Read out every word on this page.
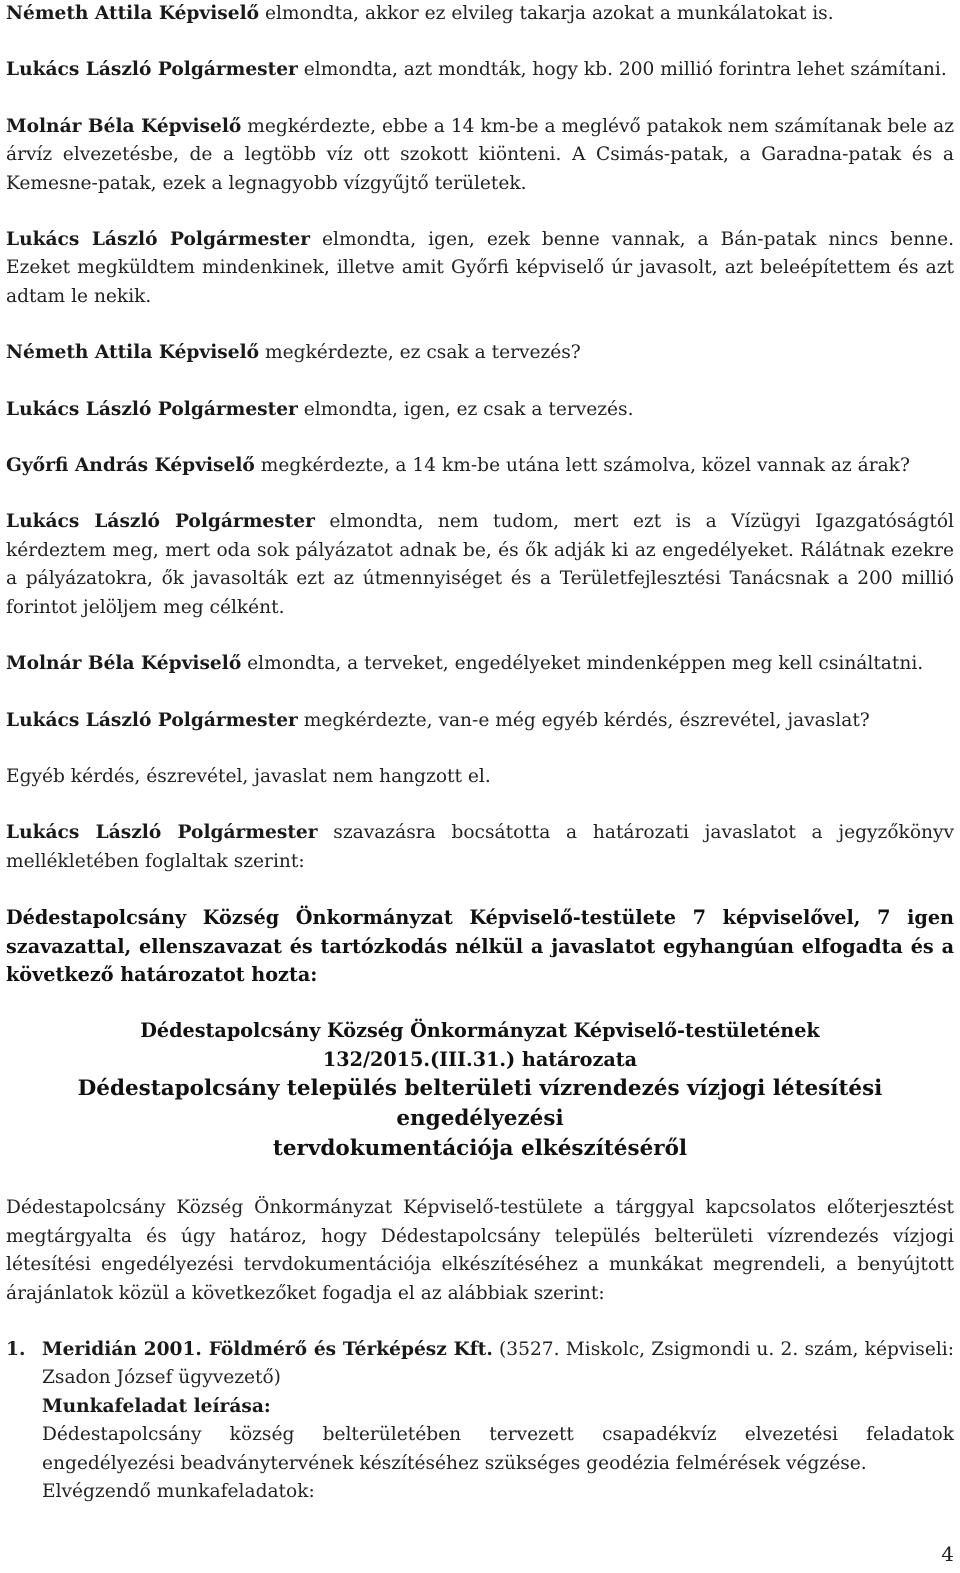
Németh Attila Képviselő elmondta, akkor ez elvileg takarja azokat a munkálatokat is.

Lukács László Polgármester elmondta, azt mondták, hogy kb. 200 millió forintra lehet számítani.

Molnár Béla Képviselő megkérdezte, ebbe a 14 km-be a meglévő patakok nem számítanak bele az árvíz elvezetésbe, de a legtöbb víz ott szokott kiönteni. A Csimás-patak, a Garadna-patak és a Kemesne-patak, ezek a legnagyobb vízgyűjtő területek.

Lukács László Polgármester elmondta, igen, ezek benne vannak, a Bán-patak nincs benne. Ezeket megküldtem mindenkinek, illetve amit Győrfi képviselő úr javasolt, azt beleépítettem és azt adtam le nekik.

Németh Attila Képviselő megkérdezte, ez csak a tervezés?

Lukács László Polgármester elmondta, igen, ez csak a tervezés.

Győrfi András Képviselő megkérdezte, a 14 km-be utána lett számolva, közel vannak az árak?

Lukács László Polgármester elmondta, nem tudom, mert ezt is a Vízügyi Igazgatóságtól kérdeztem meg, mert oda sok pályázatot adnak be, és ők adják ki az engedélyeket. Rálátnak ezekre a pályázatokra, ők javasolták ezt az útmennyiséget és a Területfejlesztési Tanácsnak a 200 millió forintot jelöljem meg célként.

Molnár Béla Képviselő elmondta, a terveket, engedélyeket mindenképpen meg kell csináltatni.

Lukács László Polgármester megkérdezte, van-e még egyéb kérdés, észrevétel, javaslat?

Egyéb kérdés, észrevétel, javaslat nem hangzott el.

Lukács László Polgármester szavazásra bocsátotta a határozati javaslatot a jegyzőkönyv mellékletében foglaltak szerint:

Dédestapolcsány Község Önkormányzat Képviselő-testülete 7 képviselővel, 7 igen szavazattal, ellenszavazat és tartózkodás nélkül a javaslatot egyhangúan elfogadta és a következő határozatot hozta:

Dédestapolcsány Község Önkormányzat Képviselő-testületének
132/2015.(III.31.) határozata
Dédestapolcsány település belterületi vízrendezés vízjogi létesítési engedélyezési
tervdokumentációja elkészítéséről

Dédestapolcsány Község Önkormányzat Képviselő-testülete a tárggyal kapcsolatos előterjesztést megtárgyalta és úgy határoz, hogy Dédestapolcsány település belterületi vízrendezés vízjogi létesítési engedélyezési tervdokumentációja elkészítéséhez a munkákat megrendeli, a benyújtott árajánlatok közül a következőket fogadja el az alábbiak szerint:

1. Meridián 2001. Földmérő és Térképész Kft. (3527. Miskolc, Zsigmondi u. 2. szám, képviseli: Zsadon József ügyvezető)

Munkafeladat leírása:

Dédestapolcsány község belterületében tervezett csapadékvíz elvezetési feladatok engedélyezési beadványtervének készítéséhez szükséges geodézia felmérések végzése.

Elvégzendő munkafeladatok:

4
